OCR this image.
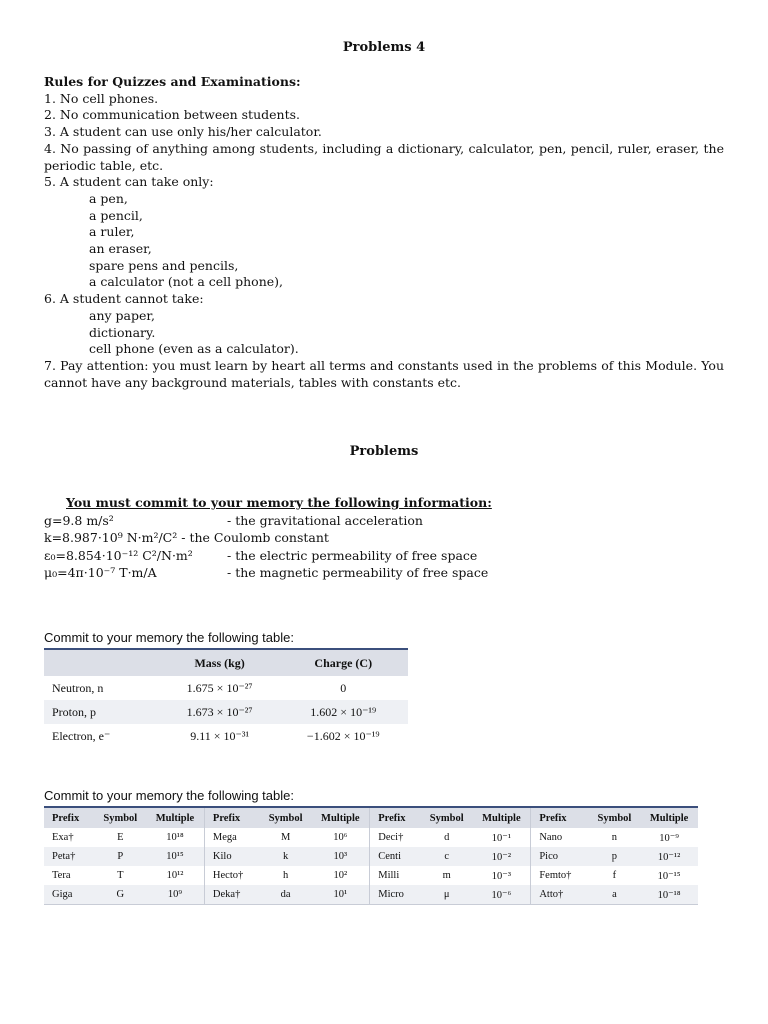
Problems 4
Rules for Quizzes and Examinations:
1. No cell phones.
2. No communication between students.
3. A student can use only his/her calculator.
4. No passing of anything among students, including a dictionary, calculator, pen, pencil, ruler, eraser, the periodic table, etc.
5. A student can take only:
a pen,
a pencil,
a ruler,
an eraser,
spare pens and pencils,
a calculator (not a cell phone),
6. A student cannot take:
any paper,
dictionary.
cell phone (even as a calculator).
7. Pay attention: you must learn by heart all terms and constants used in the problems of this Module. You cannot have any background materials, tables with constants etc.
Problems
You must commit to your memory the following information:
g=9.8 m/s²	- the gravitational acceleration
k=8.987·10⁹ N·m²/C² - the Coulomb constant
ε₀=8.854·10⁻¹² C²/N·m²	- the electric permeability of free space
μ₀=4π·10⁻⁷ T·m/A	- the magnetic permeability of free space
Commit to your memory the following table:
	Mass (kg)	Charge (C)
Neutron, n	1.675 × 10⁻²⁷	0
Proton, p	1.673 × 10⁻²⁷	1.602 × 10⁻¹⁹
Electron, e⁻	9.11 × 10⁻³¹	−1.602 × 10⁻¹⁹
Commit to your memory the following table:
Prefix	Symbol	Multiple	Prefix	Symbol	Multiple	Prefix	Symbol	Multiple	Prefix	Symbol	Multiple
Exa†	E	10¹⁸	Mega	M	10⁶	Deci†	d	10⁻¹	Nano	n	10⁻⁹
Peta†	P	10¹⁵	Kilo	k	10³	Centi	c	10⁻²	Pico	p	10⁻¹²
Tera	T	10¹²	Hecto†	h	10²	Milli	m	10⁻³	Femto†	f	10⁻¹⁵
Giga	G	10⁹	Deka†	da	10¹	Micro	μ	10⁻⁶	Atto†	a	10⁻¹⁸
